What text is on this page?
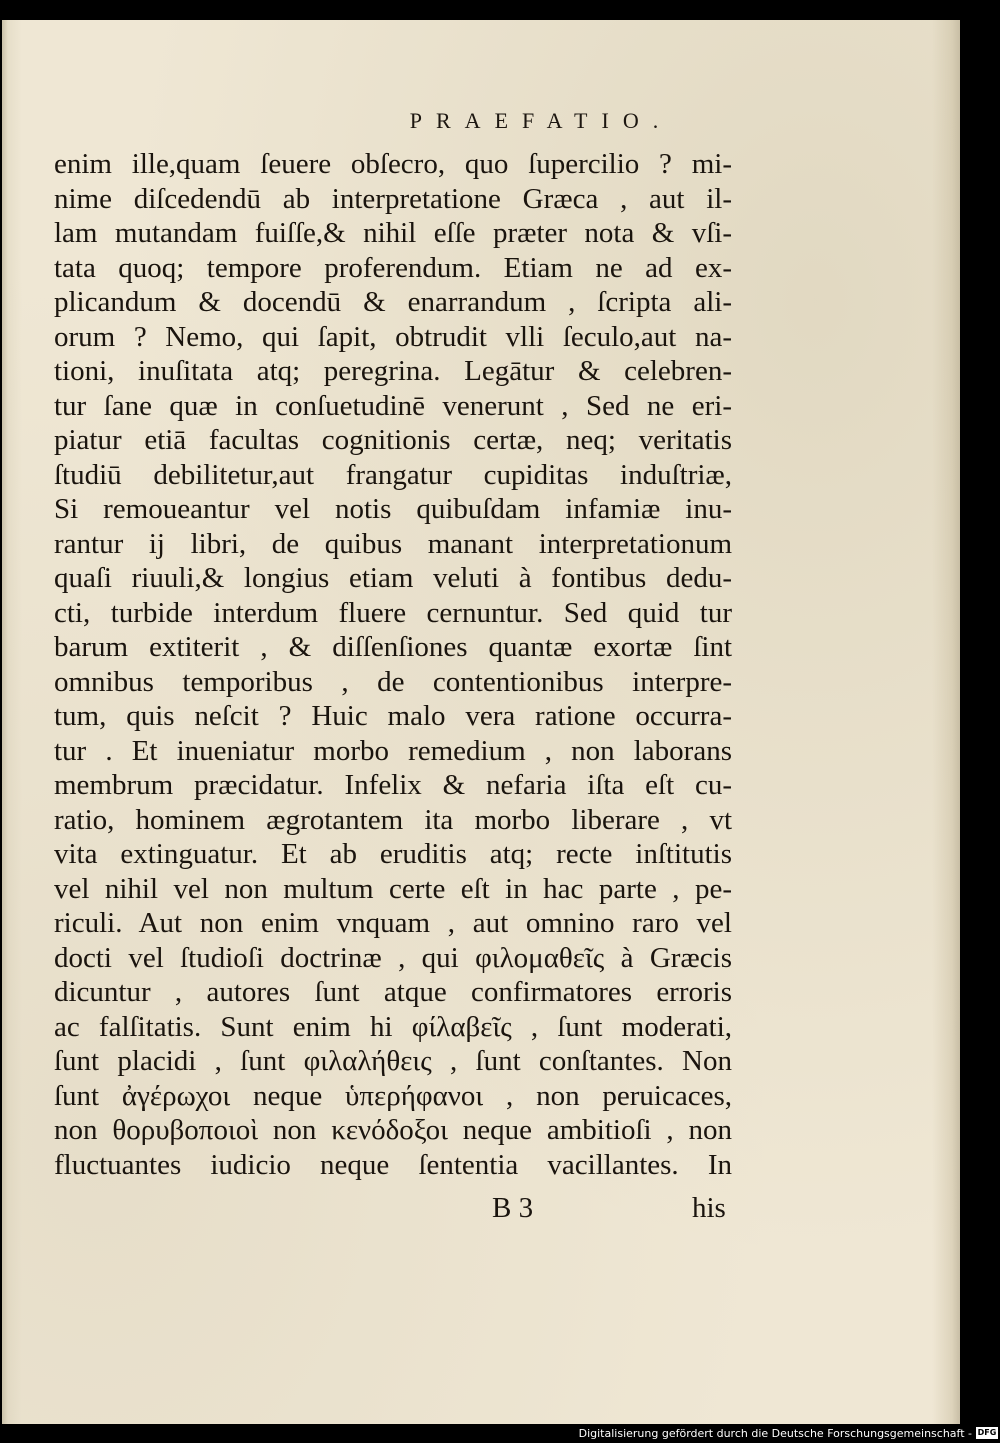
PRAEFATIO.
enim ille,quam ſeuere obſecro, quo ſupercilio ? mi-
nime diſcedendū ab interpretatione Græca , aut il-
lam mutandam fuiſſe,& nihil eſſe præter nota & vſi-
tata quoq; tempore proferendum. Etiam ne ad ex-
plicandum & docendū & enarrandum , ſcripta ali-
orum ? Nemo, qui ſapit, obtrudit vlli ſeculo,aut na-
tioni, inuſitata atq; peregrina. Legātur & celebren-
tur ſane quæ in conſuetudinē venerunt , Sed ne eri-
piatur etiā facultas cognitionis certæ, neq; veritatis
ſtudiū debilitetur,aut frangatur cupiditas induſtriæ,
Si remoueantur vel notis quibuſdam infamiæ inu-
rantur ij libri, de quibus manant interpretationum
quaſi riuuli,& longius etiam veluti à fontibus dedu-
cti, turbide interdum fluere cernuntur. Sed quid tur
barum extiterit , & diſſenſiones quantæ exortæ ſint
omnibus temporibus , de contentionibus interpre-
tum, quis neſcit ? Huic malo vera ratione occurra-
tur . Et inueniatur morbo remedium , non laborans
membrum præcidatur. Infelix & nefaria iſta eſt cu-
ratio, hominem ægrotantem ita morbo liberare , vt
vita extinguatur. Et ab eruditis atq; recte inſtitutis
vel nihil vel non multum certe eſt in hac parte , pe-
riculi. Aut non enim vnquam , aut omnino raro vel
docti vel ſtudioſi doctrinæ , qui φιλομαθεῖς à Græcis
dicuntur , autores ſunt atque confirmatores erroris
ac falſitatis. Sunt enim hi φίλαβεῖς , ſunt moderati,
ſunt placidi , ſunt φιλαλήθεις , ſunt conſtantes. Non
ſunt ἀγέρωχοι neque ὑπερήφανοι , non peruicaces,
non θορυβοποιοὶ non κενόδοξοι neque ambitioſi , non
fluctuantes iudicio neque ſententia vacillantes. In
B 3	his
Digitalisierung gefördert durch die Deutsche Forschungsgemeinschaft - DFG
